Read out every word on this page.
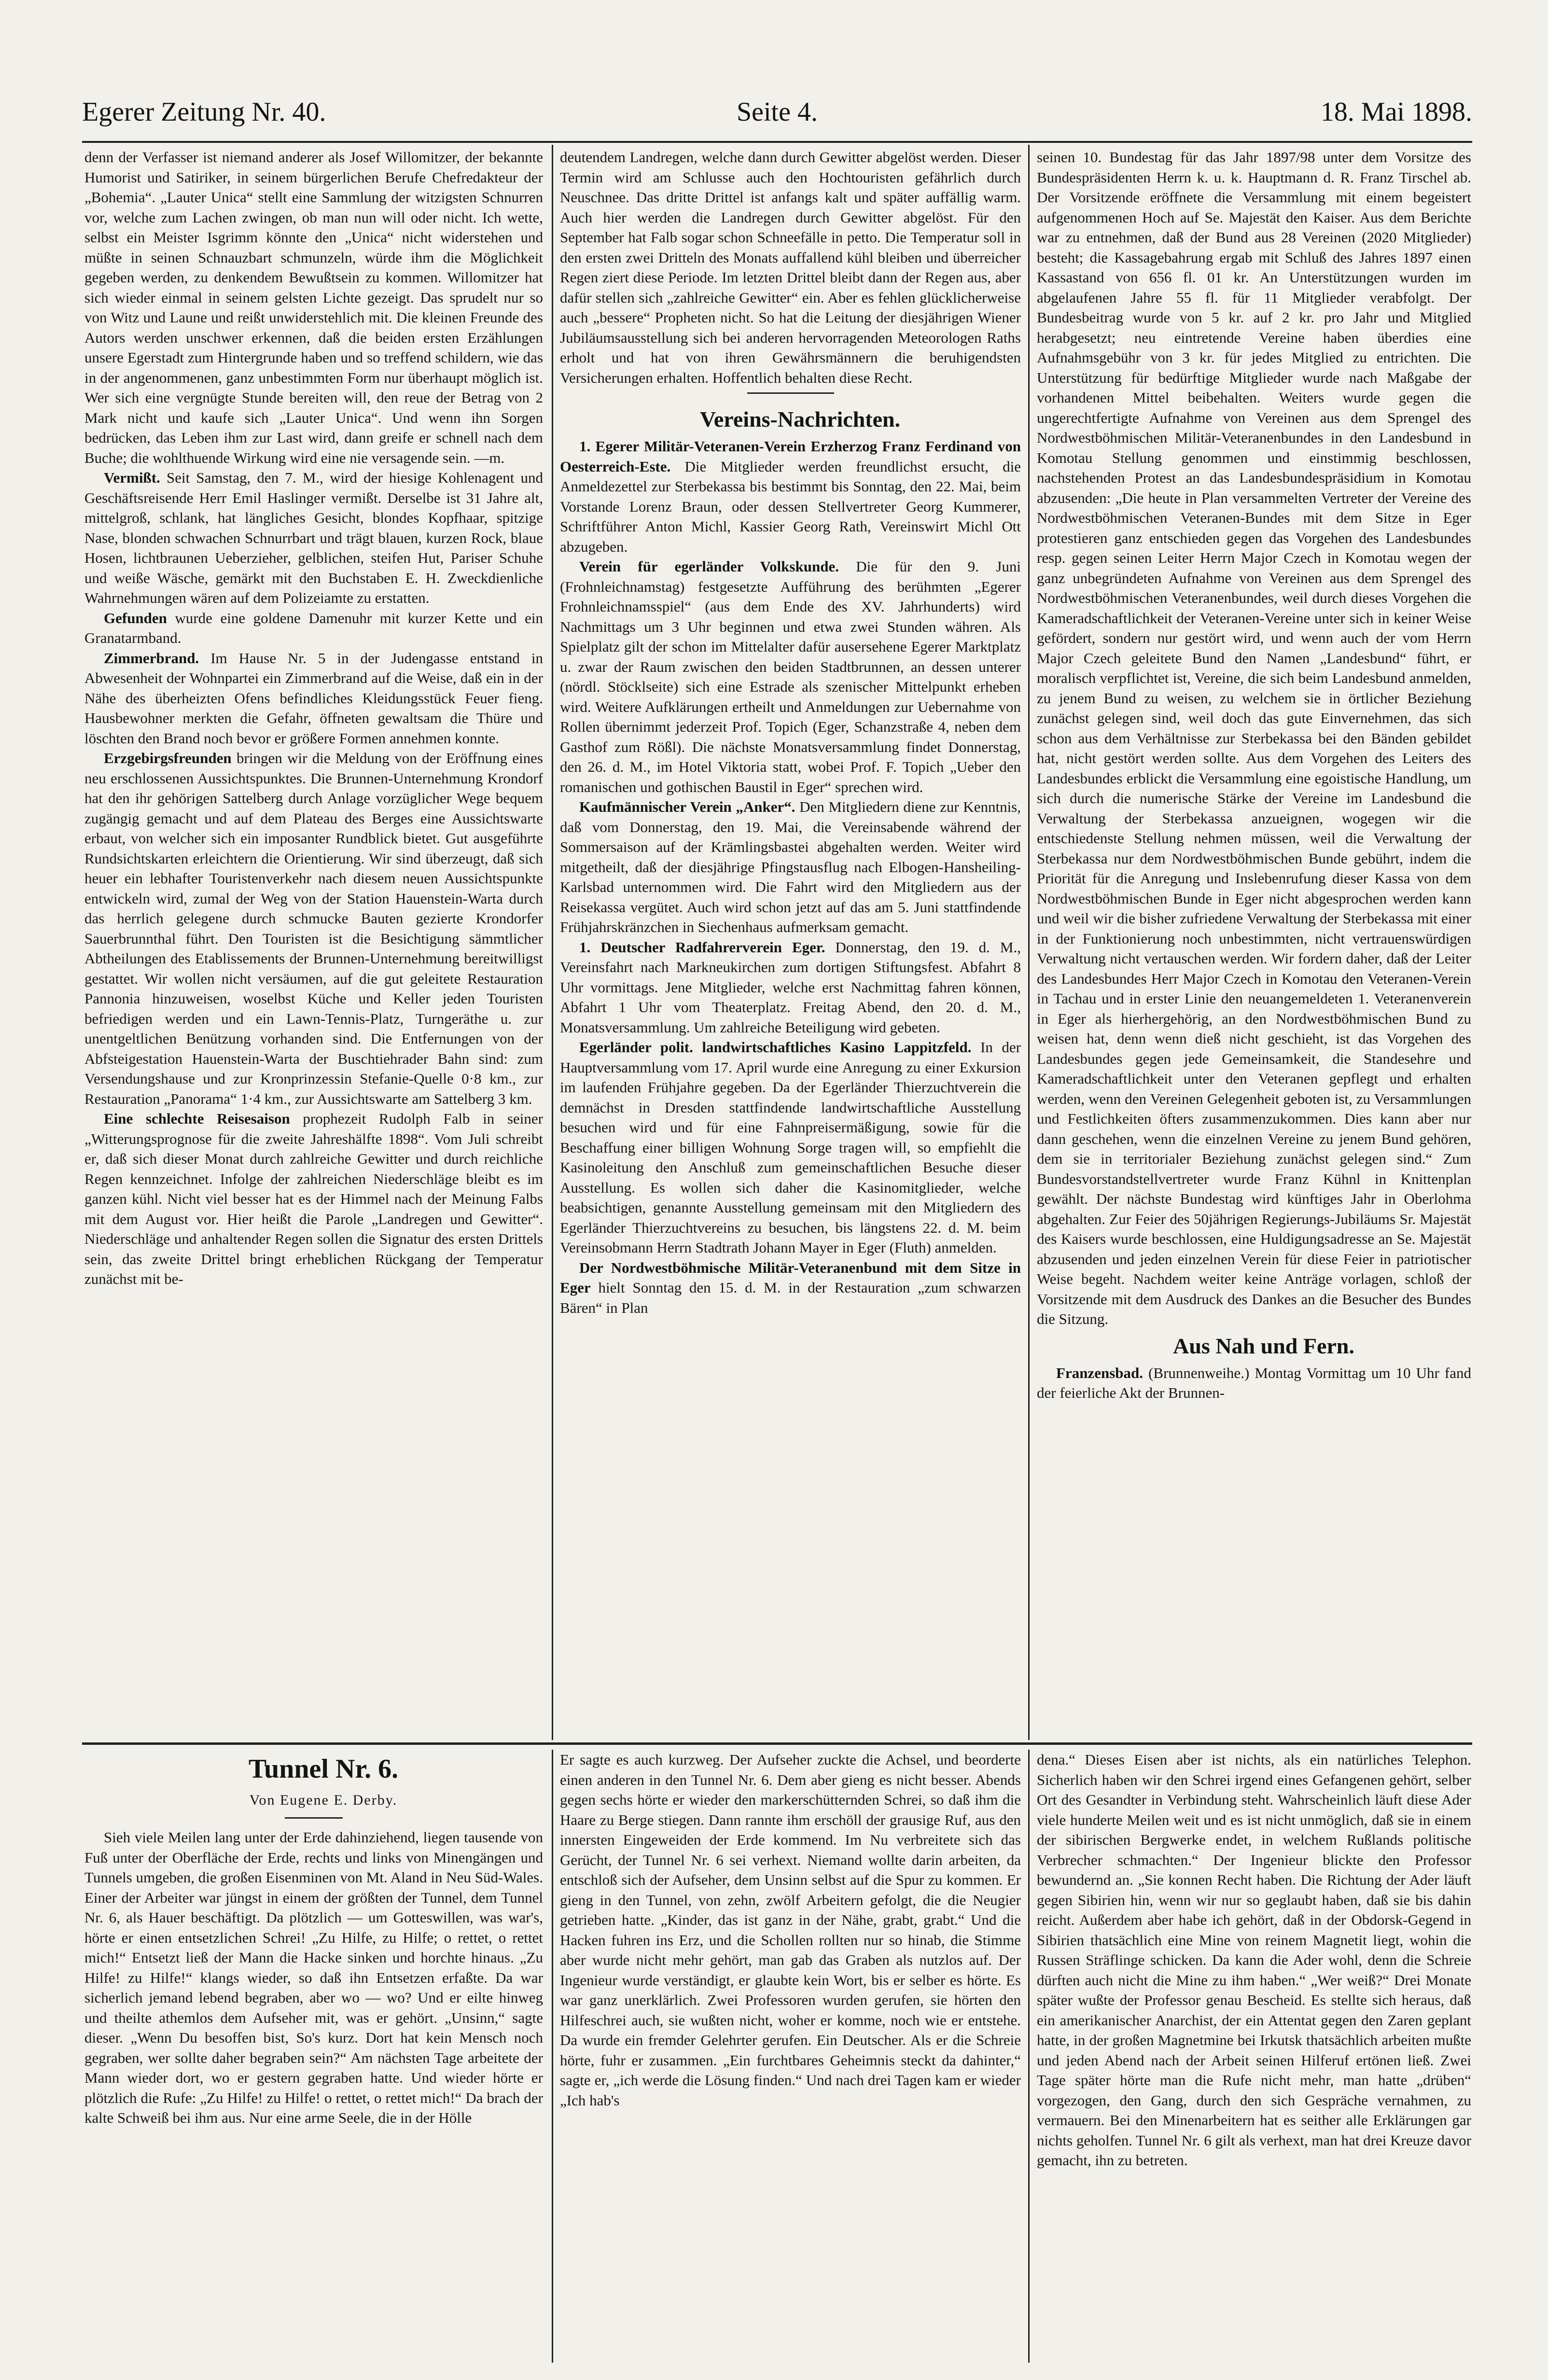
Egerer Zeitung Nr. 40.	Seite 4.	18. Mai 1898.

denn der Verfasser ist niemand anderer als Josef Willomitzer, der bekannte Humorist und Satiriker, in seinem bürgerlichen Berufe Chefredakteur der „Bohemia“. „Lauter Unica“ stellt eine Sammlung der witzigsten Schnurren vor, welche zum Lachen zwingen, ob man nun will oder nicht. Ich wette, selbst ein Meister Isgrimm könnte den „Unica“ nicht widerstehen und müßte in seinen Schnauzbart schmunzeln, würde ihm die Möglichkeit gegeben werden, zu denkendem Bewußtsein zu kommen. Willomitzer hat sich wieder einmal in seinem gelsten Lichte gezeigt. Das sprudelt nur so von Witz und Laune und reißt unwiderstehlich mit. Die kleinen Freunde des Autors werden unschwer erkennen, daß die beiden ersten Erzählungen unsere Egerstadt zum Hintergrunde haben und so treffend schildern, wie das in der angenommenen, ganz unbestimmten Form nur überhaupt möglich ist. Wer sich eine vergnügte Stunde bereiten will, den reue der Betrag von 2 Mark nicht und kaufe sich „Lauter Unica“. Und wenn ihn Sorgen bedrücken, das Leben ihm zur Last wird, dann greife er schnell nach dem Buche; die wohlthuende Wirkung wird eine nie versagende sein. —m.

Vermißt. Seit Samstag, den 7. M., wird der hiesige Kohlenagent und Geschäftsreisende Herr Emil Haslinger vermißt. Derselbe ist 31 Jahre alt, mittelgroß, schlank, hat längliches Gesicht, blondes Kopfhaar, spitzige Nase, blonden schwachen Schnurrbart und trägt blauen, kurzen Rock, blaue Hosen, lichtbraunen Ueberzieher, gelblichen, steifen Hut, Pariser Schuhe und weiße Wäsche, gemärkt mit den Buchstaben E. H. Zweckdienliche Wahrnehmungen wären auf dem Polizeiamte zu erstatten.

Gefunden wurde eine goldene Damenuhr mit kurzer Kette und ein Granatarmband.

Zimmerbrand. Im Hause Nr. 5 in der Judengasse entstand in Abwesenheit der Wohnpartei ein Zimmerbrand auf die Weise, daß ein in der Nähe des überheizten Ofens befindliches Kleidungsstück Feuer fieng. Hausbewohner merkten die Gefahr, öffneten gewaltsam die Thüre und löschten den Brand noch bevor er größere Formen annehmen konnte.

Erzgebirgsfreunden bringen wir die Meldung von der Eröffnung eines neu erschlossenen Aussichtspunktes. Die Brunnen-Unternehmung Krondorf hat den ihr gehörigen Sattelberg durch Anlage vorzüglicher Wege bequem zugängig gemacht und auf dem Plateau des Berges eine Aussichtswarte erbaut, von welcher sich ein imposanter Rundblick bietet. Gut ausgeführte Rundsichtskarten erleichtern die Orientierung. Wir sind überzeugt, daß sich heuer ein lebhafter Touristenverkehr nach diesem neuen Aussichtspunkte entwickeln wird, zumal der Weg von der Station Hauenstein-Warta durch das herrlich gelegene durch schmucke Bauten gezierte Krondorfer Sauerbrunnthal führt. Den Touristen ist die Besichtigung sämmtlicher Abtheilungen des Etablissements der Brunnen-Unternehmung bereitwilligst gestattet. Wir wollen nicht versäumen, auf die gut geleitete Restauration Pannonia hinzuweisen, woselbst Küche und Keller jeden Touristen befriedigen werden und ein Lawn-Tennis-Platz, Turngeräthe u. zur unentgeltlichen Benützung vorhanden sind. Die Entfernungen von der Abfsteigestation Hauenstein-Warta der Buschtiehrader Bahn sind: zum Versendungshause und zur Kronprinzessin Stefanie-Quelle 0·8 km., zur Restauration „Panorama“ 1·4 km., zur Aussichtswarte am Sattelberg 3 km.

Eine schlechte Reisesaison prophezeit Rudolph Falb in seiner „Witterungsprognose für die zweite Jahreshälfte 1898“. Vom Juli schreibt er, daß sich dieser Monat durch zahlreiche Gewitter und durch reichliche Regen kennzeichnet. Infolge der zahlreichen Niederschläge bleibt es im ganzen kühl. Nicht viel besser hat es der Himmel nach der Meinung Falbs mit dem August vor. Hier heißt die Parole „Landregen und Gewitter“. Niederschläge und anhaltender Regen sollen die Signatur des ersten Drittels sein, das zweite Drittel bringt erheblichen Rückgang der Temperatur zunächst mit be-

deutendem Landregen, welche dann durch Gewitter abgelöst werden. Dieser Termin wird am Schlusse auch den Hochtouristen gefährlich durch Neuschnee. Das dritte Drittel ist anfangs kalt und später auffällig warm. Auch hier werden die Landregen durch Gewitter abgelöst. Für den September hat Falb sogar schon Schneefälle in petto. Die Temperatur soll in den ersten zwei Dritteln des Monats auffallend kühl bleiben und überreicher Regen ziert diese Periode. Im letzten Drittel bleibt dann der Regen aus, aber dafür stellen sich „zahlreiche Gewitter“ ein. Aber es fehlen glücklicherweise auch „bessere“ Propheten nicht. So hat die Leitung der diesjährigen Wiener Jubiläumsausstellung sich bei anderen hervorragenden Meteorologen Raths erholt und hat von ihren Gewährsmännern die beruhigendsten Versicherungen erhalten. Hoffentlich behalten diese Recht.

Vereins-Nachrichten.

1. Egerer Militär-Veteranen-Verein Erzherzog Franz Ferdinand von Oesterreich-Este. Die Mitglieder werden freundlichst ersucht, die Anmeldezettel zur Sterbekassa bis bestimmt bis Sonntag, den 22. Mai, beim Vorstande Lorenz Braun, oder dessen Stellvertreter Georg Kummerer, Schriftführer Anton Michl, Kassier Georg Rath, Vereinswirt Michl Ott abzugeben.

Verein für egerländer Volkskunde. Die für den 9. Juni (Frohnleichnamstag) festgesetzte Aufführung des berühmten „Egerer Frohnleichnamsspiel“ (aus dem Ende des XV. Jahrhunderts) wird Nachmittags um 3 Uhr beginnen und etwa zwei Stunden währen. Als Spielplatz gilt der schon im Mittelalter dafür ausersehene Egerer Marktplatz u. zwar der Raum zwischen den beiden Stadtbrunnen, an dessen unterer (nördl. Stöcklseite) sich eine Estrade als szenischer Mittelpunkt erheben wird. Weitere Aufklärungen ertheilt und Anmeldungen zur Uebernahme von Rollen übernimmt jederzeit Prof. Topich (Eger, Schanzstraße 4, neben dem Gasthof zum Rößl). Die nächste Monatsversammlung findet Donnerstag, den 26. d. M., im Hotel Viktoria statt, wobei Prof. F. Topich „Ueber den romanischen und gothischen Baustil in Eger“ sprechen wird.

Kaufmännischer Verein „Anker“. Den Mitgliedern diene zur Kenntnis, daß vom Donnerstag, den 19. Mai, die Vereinsabende während der Sommersaison auf der Krämlingsbastei abgehalten werden. Weiter wird mitgetheilt, daß der diesjährige Pfingstausflug nach Elbogen-Hansheiling-Karlsbad unternommen wird. Die Fahrt wird den Mitgliedern aus der Reisekassa vergütet. Auch wird schon jetzt auf das am 5. Juni stattfindende Frühjahrskränzchen in Siechenhaus aufmerksam gemacht.

1. Deutscher Radfahrerverein Eger. Donnerstag, den 19. d. M., Vereinsfahrt nach Markneukirchen zum dortigen Stiftungsfest. Abfahrt 8 Uhr vormittags. Jene Mitglieder, welche erst Nachmittag fahren können, Abfahrt 1 Uhr vom Theaterplatz. Freitag Abend, den 20. d. M., Monatsversammlung. Um zahlreiche Beteiligung wird gebeten.

Egerländer polit. landwirtschaftliches Kasino Lappitzfeld. In der Hauptversammlung vom 17. April wurde eine Anregung zu einer Exkursion im laufenden Frühjahre gegeben. Da der Egerländer Thierzuchtverein die demnächst in Dresden stattfindende landwirtschaftliche Ausstellung besuchen wird und für eine Fahnpreisermäßigung, sowie für die Beschaffung einer billigen Wohnung Sorge tragen will, so empfiehlt die Kasinoleitung den Anschluß zum gemeinschaftlichen Besuche dieser Ausstellung. Es wollen sich daher die Kasinomitglieder, welche beabsichtigen, genannte Ausstellung gemeinsam mit den Mitgliedern des Egerländer Thierzuchtvereins zu besuchen, bis längstens 22. d. M. beim Vereinsobmann Herrn Stadtrath Johann Mayer in Eger (Fluth) anmelden.

Der Nordwestböhmische Militär-Veteranenbund mit dem Sitze in Eger hielt Sonntag den 15. d. M. in der Restauration „zum schwarzen Bären“ in Plan

seinen 10. Bundestag für das Jahr 1897/98 unter dem Vorsitze des Bundespräsidenten Herrn k. u. k. Hauptmann d. R. Franz Tirschel ab. Der Vorsitzende eröffnete die Versammlung mit einem begeistert aufgenommenen Hoch auf Se. Majestät den Kaiser. Aus dem Berichte war zu entnehmen, daß der Bund aus 28 Vereinen (2020 Mitglieder) besteht; die Kassagebahrung ergab mit Schluß des Jahres 1897 einen Kassastand von 656 fl. 01 kr. An Unterstützungen wurden im abgelaufenen Jahre 55 fl. für 11 Mitglieder verabfolgt. Der Bundesbeitrag wurde von 5 kr. auf 2 kr. pro Jahr und Mitglied herabgesetzt; neu eintretende Vereine haben überdies eine Aufnahmsgebühr von 3 kr. für jedes Mitglied zu entrichten. Die Unterstützung für bedürftige Mitglieder wurde nach Maßgabe der vorhandenen Mittel beibehalten. Weiters wurde gegen die ungerechtfertigte Aufnahme von Vereinen aus dem Sprengel des Nordwestböhmischen Militär-Veteranenbundes in den Landesbund in Komotau Stellung genommen und einstimmig beschlossen, nachstehenden Protest an das Landesbundespräsidium in Komotau abzusenden: „Die heute in Plan versammelten Vertreter der Vereine des Nordwestböhmischen Veteranen-Bundes mit dem Sitze in Eger protestieren ganz entschieden gegen das Vorgehen des Landesbundes resp. gegen seinen Leiter Herrn Major Czech in Komotau wegen der ganz unbegründeten Aufnahme von Vereinen aus dem Sprengel des Nordwestböhmischen Veteranenbundes, weil durch dieses Vorgehen die Kameradschaftlichkeit der Veteranen-Vereine unter sich in keiner Weise gefördert, sondern nur gestört wird, und wenn auch der vom Herrn Major Czech geleitete Bund den Namen „Landesbund“ führt, er moralisch verpflichtet ist, Vereine, die sich beim Landesbund anmelden, zu jenem Bund zu weisen, zu welchem sie in örtlicher Beziehung zunächst gelegen sind, weil doch das gute Einvernehmen, das sich schon aus dem Verhältnisse zur Sterbekassa bei den Bänden gebildet hat, nicht gestört werden sollte. Aus dem Vorgehen des Leiters des Landesbundes erblickt die Versammlung eine egoistische Handlung, um sich durch die numerische Stärke der Vereine im Landesbund die Verwaltung der Sterbekassa anzueignen, wogegen wir die entschiedenste Stellung nehmen müssen, weil die Verwaltung der Sterbekassa nur dem Nordwestböhmischen Bunde gebührt, indem die Priorität für die Anregung und Inslebenrufung dieser Kassa von dem Nordwestböhmischen Bunde in Eger nicht abgesprochen werden kann und weil wir die bisher zufriedene Verwaltung der Sterbekassa mit einer in der Funktionierung noch unbestimmten, nicht vertrauenswürdigen Verwaltung nicht vertauschen werden. Wir fordern daher, daß der Leiter des Landesbundes Herr Major Czech in Komotau den Veteranen-Verein in Tachau und in erster Linie den neuangemeldeten 1. Veteranenverein in Eger als hierhergehörig, an den Nordwestböhmischen Bund zu weisen hat, denn wenn dieß nicht geschieht, ist das Vorgehen des Landesbundes gegen jede Gemeinsamkeit, die Standesehre und Kameradschaftlichkeit unter den Veteranen gepflegt und erhalten werden, wenn den Vereinen Gelegenheit geboten ist, zu Versammlungen und Festlichkeiten öfters zusammenzukommen. Dies kann aber nur dann geschehen, wenn die einzelnen Vereine zu jenem Bund gehören, dem sie in territorialer Beziehung zunächst gelegen sind.“ Zum Bundesvorstandstellvertreter wurde Franz Kühnl in Knittenplan gewählt. Der nächste Bundestag wird künftiges Jahr in Oberlohma abgehalten. Zur Feier des 50jährigen Regierungs-Jubiläums Sr. Majestät des Kaisers wurde beschlossen, eine Huldigungsadresse an Se. Majestät abzusenden und jeden einzelnen Verein für diese Feier in patriotischer Weise begeht. Nachdem weiter keine Anträge vorlagen, schloß der Vorsitzende mit dem Ausdruck des Dankes an die Besucher des Bundes die Sitzung.

Aus Nah und Fern.

Franzensbad. (Brunnenweihe.) Montag Vormittag um 10 Uhr fand der feierliche Akt der Brunnen-

Tunnel Nr. 6.

Von Eugene E. Derby.

Sieh viele Meilen lang unter der Erde dahinziehend, liegen tausende von Fuß unter der Oberfläche der Erde, rechts und links von Minengängen und Tunnels umgeben, die großen Eisenminen von Mt. Aland in Neu Süd-Wales. Einer der Arbeiter war jüngst in einem der größten der Tunnel, dem Tunnel Nr. 6, als Hauer beschäftigt. Da plötzlich — um Gotteswillen, was war's, hörte er einen entsetzlichen Schrei! „Zu Hilfe, zu Hilfe; o rettet, o rettet mich!“ Entsetzt ließ der Mann die Hacke sinken und horchte hinaus. „Zu Hilfe! zu Hilfe!“ klangs wieder, so daß ihn Entsetzen erfaßte. Da war sicherlich jemand lebend begraben, aber wo — wo? Und er eilte hinweg und theilte athemlos dem Aufseher mit, was er gehört. „Unsinn,“ sagte dieser. „Wenn Du besoffen bist, So's kurz. Dort hat kein Mensch noch gegraben, wer sollte daher begraben sein?“ Am nächsten Tage arbeitete der Mann wieder dort, wo er gestern gegraben hatte. Und wieder hörte er plötzlich die Rufe: „Zu Hilfe! zu Hilfe! o rettet, o rettet mich!“ Da brach der kalte Schweiß bei ihm aus. Nur eine arme Seele, die in der Hölle

Er sagte es auch kurzweg. Der Aufseher zuckte die Achsel, und beorderte einen anderen in den Tunnel Nr. 6. Dem aber gieng es nicht besser. Abends gegen sechs hörte er wieder den markerschütternden Schrei, so daß ihm die Haare zu Berge stiegen. Dann rannte ihm erschöll der grausige Ruf, aus den innersten Eingeweiden der Erde kommend. Im Nu verbreitete sich das Gerücht, der Tunnel Nr. 6 sei verhext. Niemand wollte darin arbeiten, da entschloß sich der Aufseher, dem Unsinn selbst auf die Spur zu kommen. Er gieng in den Tunnel, von zehn, zwölf Arbeitern gefolgt, die die Neugier getrieben hatte. „Kinder, das ist ganz in der Nähe, grabt, grabt.“ Und die Hacken fuhren ins Erz, und die Schollen rollten nur so hinab, die Stimme aber wurde nicht mehr gehört, man gab das Graben als nutzlos auf. Der Ingenieur wurde verständigt, er glaubte kein Wort, bis er selber es hörte. Es war ganz unerklärlich. Zwei Professoren wurden gerufen, sie hörten den Hilfeschrei auch, sie wußten nicht, woher er komme, noch wie er entstehe. Da wurde ein fremder Gelehrter gerufen. Ein Deutscher. Als er die Schreie hörte, fuhr er zusammen. „Ein furchtbares Geheimnis steckt da dahinter,“ sagte er, „ich werde die Lösung finden.“ Und nach drei Tagen kam er wieder „Ich hab's

dena.“ Dieses Eisen aber ist nichts, als ein natürliches Telephon. Sicherlich haben wir den Schrei irgend eines Gefangenen gehört, selber Ort des Gesandter in Verbindung steht. Wahrscheinlich läuft diese Ader viele hunderte Meilen weit und es ist nicht unmöglich, daß sie in einem der sibirischen Bergwerke endet, in welchem Rußlands politische Verbrecher schmachten.“ Der Ingenieur blickte den Professor bewundernd an. „Sie konnen Recht haben. Die Richtung der Ader läuft gegen Sibirien hin, wenn wir nur so geglaubt haben, daß sie bis dahin reicht. Außerdem aber habe ich gehört, daß in der Obdorsk-Gegend in Sibirien thatsächlich eine Mine von reinem Magnetit liegt, wohin die Russen Sträflinge schicken. Da kann die Ader wohl, denn die Schreie dürften auch nicht die Mine zu ihm haben.“ „Wer weiß?“ Drei Monate später wußte der Professor genau Bescheid. Es stellte sich heraus, daß ein amerikanischer Anarchist, der ein Attentat gegen den Zaren geplant hatte, in der großen Magnetmine bei Irkutsk thatsächlich arbeiten mußte und jeden Abend nach der Arbeit seinen Hilferuf ertönen ließ. Zwei Tage später hörte man die Rufe nicht mehr, man hatte „drüben“ vorgezogen, den Gang, durch den sich Gespräche vernahmen, zu vermauern. Bei den Minenarbeitern hat es seither alle Erklärungen gar nichts geholfen. Tunnel Nr. 6 gilt als verhext, man hat drei Kreuze davor gemacht, ihn zu betreten.
